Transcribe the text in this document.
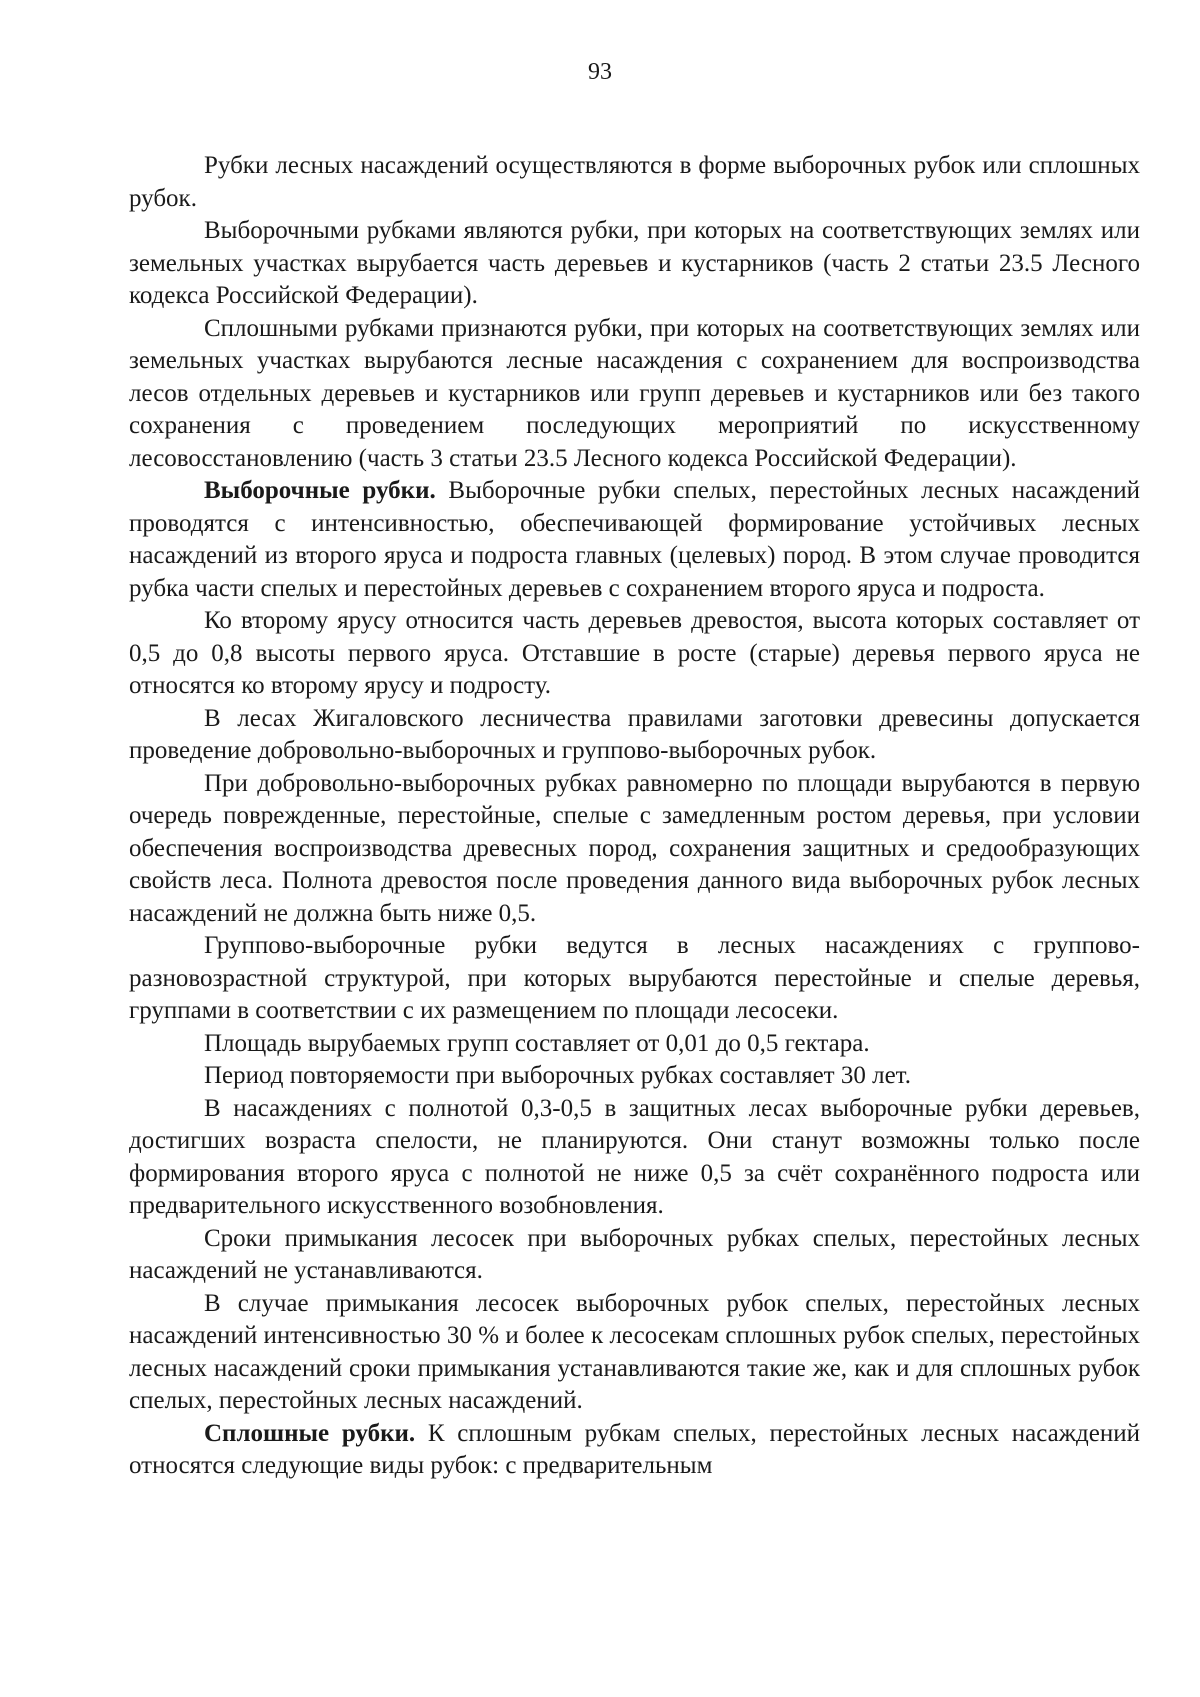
93

Рубки лесных насаждений осуществляются в форме выборочных рубок или сплошных рубок.

Выборочными рубками являются рубки, при которых на соответствующих землях или земельных участках вырубается часть деревьев и кустарников (часть 2 статьи 23.5 Лесного кодекса Российской Федерации).

Сплошными рубками признаются рубки, при которых на соответствующих землях или земельных участках вырубаются лесные насаждения с сохранением для воспроизводства лесов отдельных деревьев и кустарников или групп деревьев и кустарников или без такого сохранения с проведением последующих мероприятий по искусственному лесовосстановлению (часть 3 статьи 23.5 Лесного кодекса Российской Федерации).

Выборочные рубки. Выборочные рубки спелых, перестойных лесных насаждений проводятся с интенсивностью, обеспечивающей формирование устойчивых лесных насаждений из второго яруса и подроста главных (целевых) пород. В этом случае проводится рубка части спелых и перестойных деревьев с сохранением второго яруса и подроста.

Ко второму ярусу относится часть деревьев древостоя, высота которых составляет от 0,5 до 0,8 высоты первого яруса. Отставшие в росте (старые) деревья первого яруса не относятся ко второму ярусу и подросту.

В лесах Жигаловского лесничества правилами заготовки древесины допускается проведение добровольно-выборочных и группово-выборочных рубок.

При добровольно-выборочных рубках равномерно по площади вырубаются в первую очередь поврежденные, перестойные, спелые с замедленным ростом деревья, при условии обеспечения воспроизводства древесных пород, сохранения защитных и средообразующих свойств леса. Полнота древостоя после проведения данного вида выборочных рубок лесных насаждений не должна быть ниже 0,5.

Группово-выборочные рубки ведутся в лесных насаждениях с группово-разновозрастной структурой, при которых вырубаются перестойные и спелые деревья, группами в соответствии с их размещением по площади лесосеки.

Площадь вырубаемых групп составляет от 0,01 до 0,5 гектара.

Период повторяемости при выборочных рубках составляет 30 лет.

В насаждениях с полнотой 0,3-0,5 в защитных лесах выборочные рубки деревьев, достигших возраста спелости, не планируются. Они станут возможны только после формирования второго яруса с полнотой не ниже 0,5 за счёт сохранённого подроста или предварительного искусственного возобновления.

Сроки примыкания лесосек при выборочных рубках спелых, перестойных лесных насаждений не устанавливаются.

В случае примыкания лесосек выборочных рубок спелых, перестойных лесных насаждений интенсивностью 30 % и более к лесосекам сплошных рубок спелых, перестойных лесных насаждений сроки примыкания устанавливаются такие же, как и для сплошных рубок спелых, перестойных лесных насаждений.

Сплошные рубки. К сплошным рубкам спелых, перестойных лесных насаждений относятся следующие виды рубок: с предварительным
